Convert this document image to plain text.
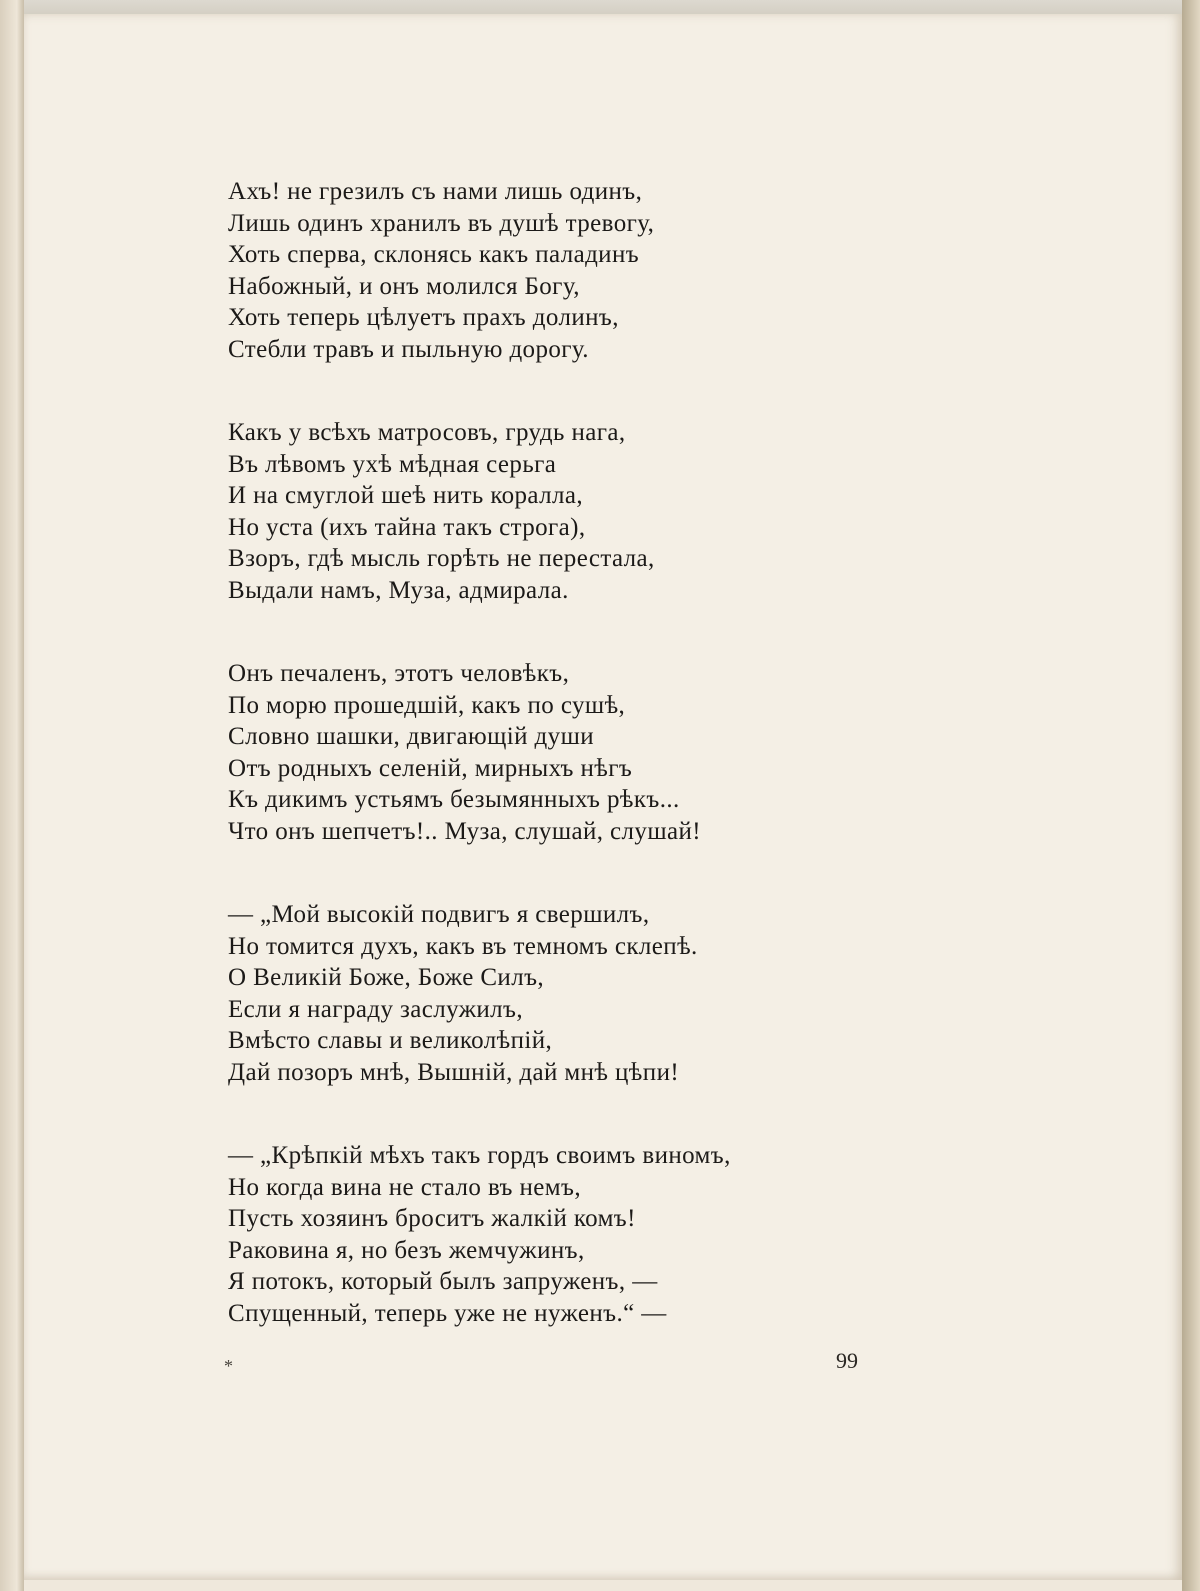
Ахъ! не грезилъ съ нами лишь одинъ,
Лишь одинъ хранилъ въ душѣ тревогу,
Хоть сперва, склонясь какъ паладинъ
Набожный, и онъ молился Богу,
Хоть теперь цѣлуетъ прахъ долинъ,
Стебли травъ и пыльную дорогу.
Какъ у всѣхъ матросовъ, грудь нага,
Въ лѣвомъ ухѣ мѣдная серьга
И на смуглой шеѣ нить коралла,
Но уста (ихъ тайна такъ строга),
Взоръ, гдѣ мысль горѣть не перестала,
Выдали намъ, Муза, адмирала.
Онъ печаленъ, этотъ человѣкъ,
По морю прошедшій, какъ по сушѣ,
Словно шашки, двигающій души
Отъ родныхъ селеній, мирныхъ нѣгъ
Къ дикимъ устьямъ безымянныхъ рѣкъ...
Что онъ шепчетъ!.. Муза, слушай, слушай!
— „Мой высокій подвигъ я свершилъ,
Но томится духъ, какъ въ темномъ склепѣ.
О Великій Боже, Боже Силъ,
Если я награду заслужилъ,
Вмѣсто славы и великолѣпій,
Дай позоръ мнѣ, Вышній, дай мнѣ цѣпи!
— „Крѣпкій мѣхъ такъ гордъ своимъ виномъ,
Но когда вина не стало въ немъ,
Пусть хозяинъ броситъ жалкій комъ!
Раковина я, но безъ жемчужинъ,
Я потокъ, который былъ запруженъ, —
Спущенный, теперь уже не нуженъ.“ —
*	99
